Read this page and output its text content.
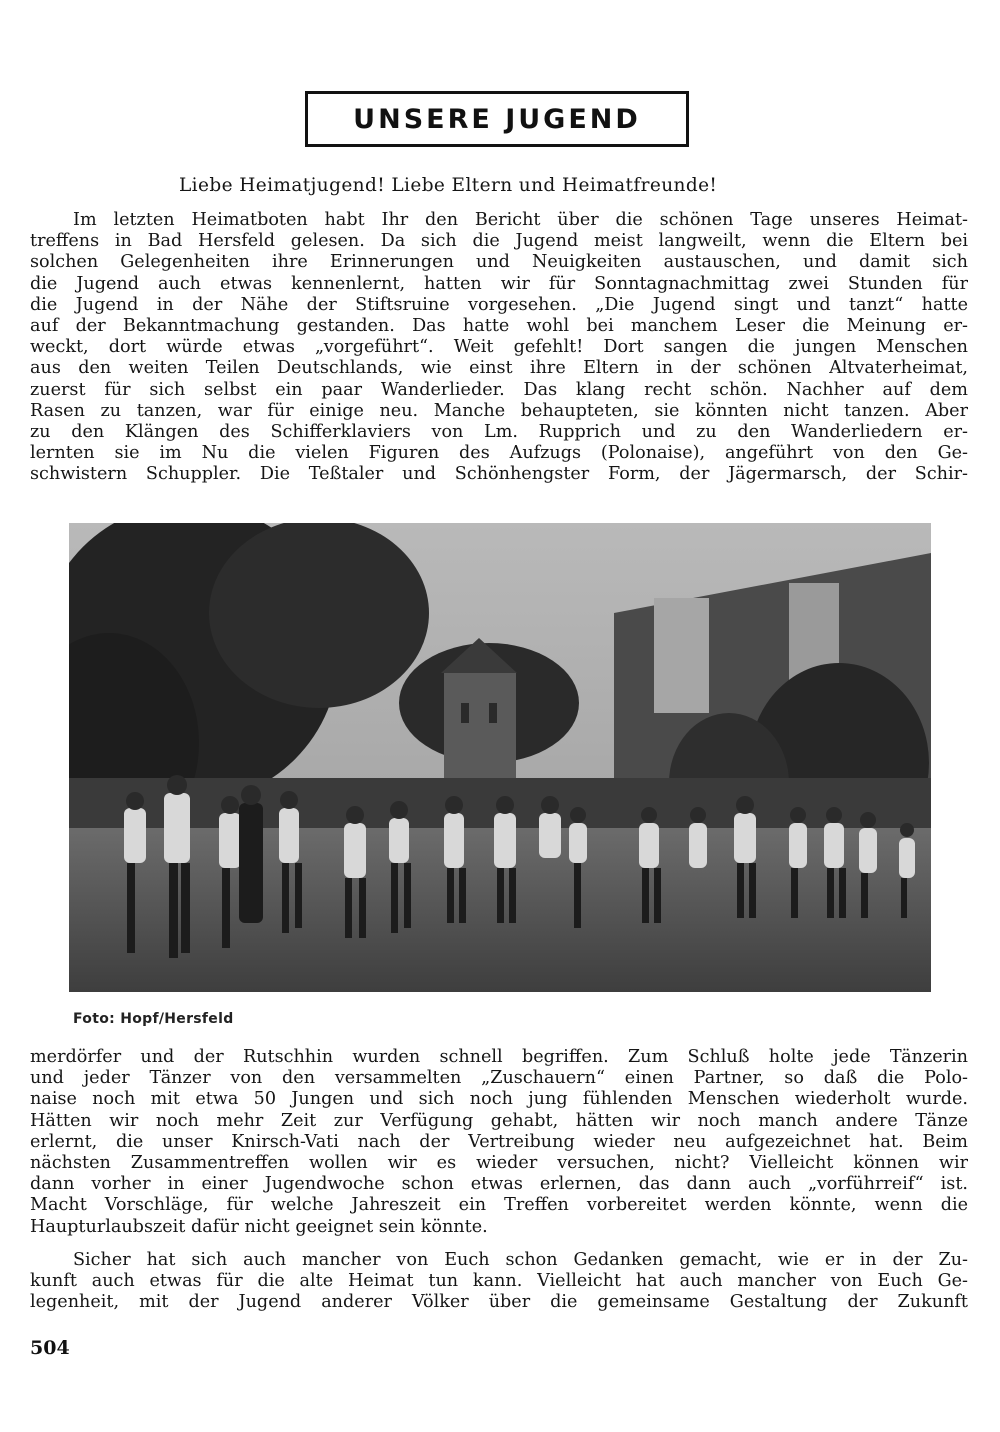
UNSERE JUGEND
Liebe Heimatjugend! Liebe Eltern und Heimatfreunde!
Im letzten Heimatboten habt Ihr den Bericht über die schönen Tage unseres Heimat-
treffens in Bad Hersfeld gelesen. Da sich die Jugend meist langweilt, wenn die Eltern bei
solchen Gelegenheiten ihre Erinnerungen und Neuigkeiten austauschen, und damit sich
die Jugend auch etwas kennenlernt, hatten wir für Sonntagnachmittag zwei Stunden für
die Jugend in der Nähe der Stiftsruine vorgesehen. „Die Jugend singt und tanzt“ hatte
auf der Bekanntmachung gestanden. Das hatte wohl bei manchem Leser die Meinung er-
weckt, dort würde etwas „vorgeführt“. Weit gefehlt! Dort sangen die jungen Menschen
aus den weiten Teilen Deutschlands, wie einst ihre Eltern in der schönen Altvaterheimat,
zuerst für sich selbst ein paar Wanderlieder. Das klang recht schön. Nachher auf dem
Rasen zu tanzen, war für einige neu. Manche behaupteten, sie könnten nicht tanzen. Aber
zu den Klängen des Schifferklaviers von Lm. Rupprich und zu den Wanderliedern er-
lernten sie im Nu die vielen Figuren des Aufzugs (Polonaise), angeführt von den Ge-
schwistern Schuppler. Die Teßtaler und Schönhengster Form, der Jägermarsch, der Schir-
Foto: Hopf/Hersfeld
merdörfer und der Rutschhin wurden schnell begriffen. Zum Schluß holte jede Tänzerin
und jeder Tänzer von den versammelten „Zuschauern“ einen Partner, so daß die Polo-
naise noch mit etwa 50 Jungen und sich noch jung fühlenden Menschen wiederholt wurde.
Hätten wir noch mehr Zeit zur Verfügung gehabt, hätten wir noch manch andere Tänze
erlernt, die unser Knirsch-Vati nach der Vertreibung wieder neu aufgezeichnet hat. Beim
nächsten Zusammentreffen wollen wir es wieder versuchen, nicht? Vielleicht können wir
dann vorher in einer Jugendwoche schon etwas erlernen, das dann auch „vorführreif“ ist.
Macht Vorschläge, für welche Jahreszeit ein Treffen vorbereitet werden könnte, wenn die
Haupturlaubszeit dafür nicht geeignet sein könnte.
Sicher hat sich auch mancher von Euch schon Gedanken gemacht, wie er in der Zu-
kunft auch etwas für die alte Heimat tun kann. Vielleicht hat auch mancher von Euch Ge-
legenheit, mit der Jugend anderer Völker über die gemeinsame Gestaltung der Zukunft
504
